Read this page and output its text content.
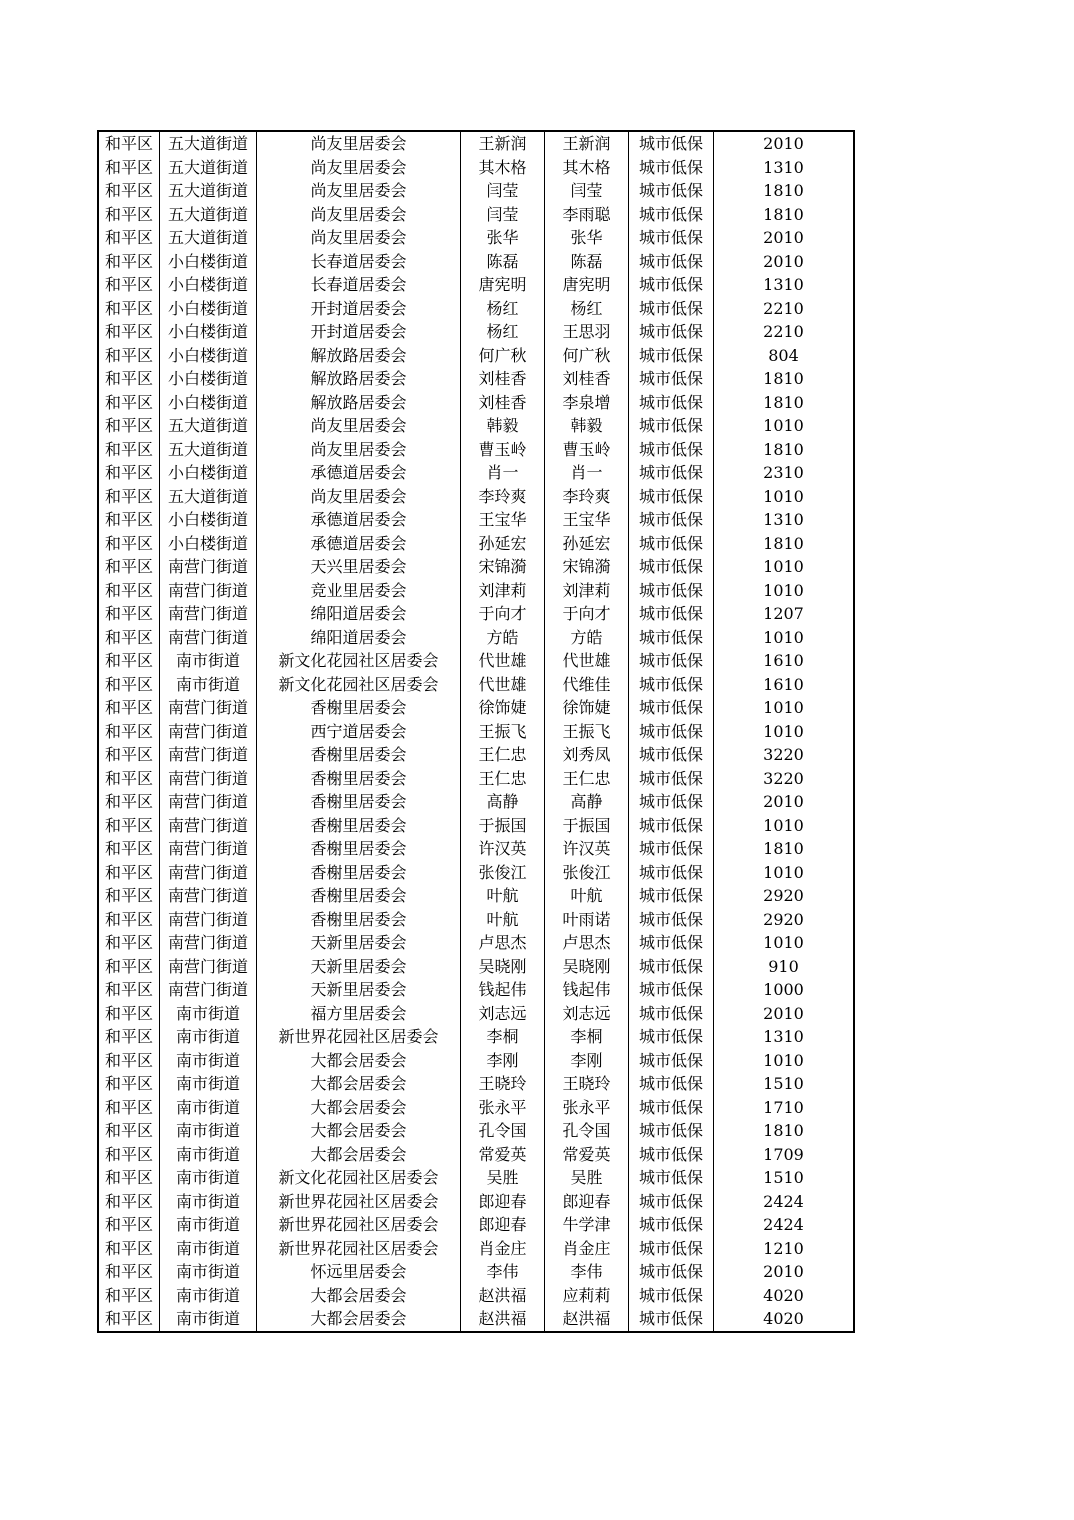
和平区	五大道街道	尚友里居委会	王新润	王新润	城市低保	2010
和平区	五大道街道	尚友里居委会	其木格	其木格	城市低保	1310
和平区	五大道街道	尚友里居委会	闫莹	闫莹	城市低保	1810
和平区	五大道街道	尚友里居委会	闫莹	李雨聪	城市低保	1810
和平区	五大道街道	尚友里居委会	张华	张华	城市低保	2010
和平区	小白楼街道	长春道居委会	陈磊	陈磊	城市低保	2010
和平区	小白楼街道	长春道居委会	唐宪明	唐宪明	城市低保	1310
和平区	小白楼街道	开封道居委会	杨红	杨红	城市低保	2210
和平区	小白楼街道	开封道居委会	杨红	王思羽	城市低保	2210
和平区	小白楼街道	解放路居委会	何广秋	何广秋	城市低保	804
和平区	小白楼街道	解放路居委会	刘桂香	刘桂香	城市低保	1810
和平区	小白楼街道	解放路居委会	刘桂香	李泉增	城市低保	1810
和平区	五大道街道	尚友里居委会	韩毅	韩毅	城市低保	1010
和平区	五大道街道	尚友里居委会	曹玉岭	曹玉岭	城市低保	1810
和平区	小白楼街道	承德道居委会	肖一	肖一	城市低保	2310
和平区	五大道街道	尚友里居委会	李玲爽	李玲爽	城市低保	1010
和平区	小白楼街道	承德道居委会	王宝华	王宝华	城市低保	1310
和平区	小白楼街道	承德道居委会	孙延宏	孙延宏	城市低保	1810
和平区	南营门街道	天兴里居委会	宋锦漪	宋锦漪	城市低保	1010
和平区	南营门街道	竞业里居委会	刘津莉	刘津莉	城市低保	1010
和平区	南营门街道	绵阳道居委会	于向才	于向才	城市低保	1207
和平区	南营门街道	绵阳道居委会	方皓	方皓	城市低保	1010
和平区	南市街道	新文化花园社区居委会	代世雄	代世雄	城市低保	1610
和平区	南市街道	新文化花园社区居委会	代世雄	代维佳	城市低保	1610
和平区	南营门街道	香榭里居委会	徐饰婕	徐饰婕	城市低保	1010
和平区	南营门街道	西宁道居委会	王振飞	王振飞	城市低保	1010
和平区	南营门街道	香榭里居委会	王仁忠	刘秀凤	城市低保	3220
和平区	南营门街道	香榭里居委会	王仁忠	王仁忠	城市低保	3220
和平区	南营门街道	香榭里居委会	高静	高静	城市低保	2010
和平区	南营门街道	香榭里居委会	于振国	于振国	城市低保	1010
和平区	南营门街道	香榭里居委会	许汉英	许汉英	城市低保	1810
和平区	南营门街道	香榭里居委会	张俊江	张俊江	城市低保	1010
和平区	南营门街道	香榭里居委会	叶航	叶航	城市低保	2920
和平区	南营门街道	香榭里居委会	叶航	叶雨诺	城市低保	2920
和平区	南营门街道	天新里居委会	卢思杰	卢思杰	城市低保	1010
和平区	南营门街道	天新里居委会	吴晓刚	吴晓刚	城市低保	910
和平区	南营门街道	天新里居委会	钱起伟	钱起伟	城市低保	1000
和平区	南市街道	福方里居委会	刘志远	刘志远	城市低保	2010
和平区	南市街道	新世界花园社区居委会	李桐	李桐	城市低保	1310
和平区	南市街道	大都会居委会	李刚	李刚	城市低保	1010
和平区	南市街道	大都会居委会	王晓玲	王晓玲	城市低保	1510
和平区	南市街道	大都会居委会	张永平	张永平	城市低保	1710
和平区	南市街道	大都会居委会	孔令国	孔令国	城市低保	1810
和平区	南市街道	大都会居委会	常爱英	常爱英	城市低保	1709
和平区	南市街道	新文化花园社区居委会	吴胜	吴胜	城市低保	1510
和平区	南市街道	新世界花园社区居委会	郎迎春	郎迎春	城市低保	2424
和平区	南市街道	新世界花园社区居委会	郎迎春	牛学津	城市低保	2424
和平区	南市街道	新世界花园社区居委会	肖金庄	肖金庄	城市低保	1210
和平区	南市街道	怀远里居委会	李伟	李伟	城市低保	2010
和平区	南市街道	大都会居委会	赵洪福	应莉莉	城市低保	4020
和平区	南市街道	大都会居委会	赵洪福	赵洪福	城市低保	4020
